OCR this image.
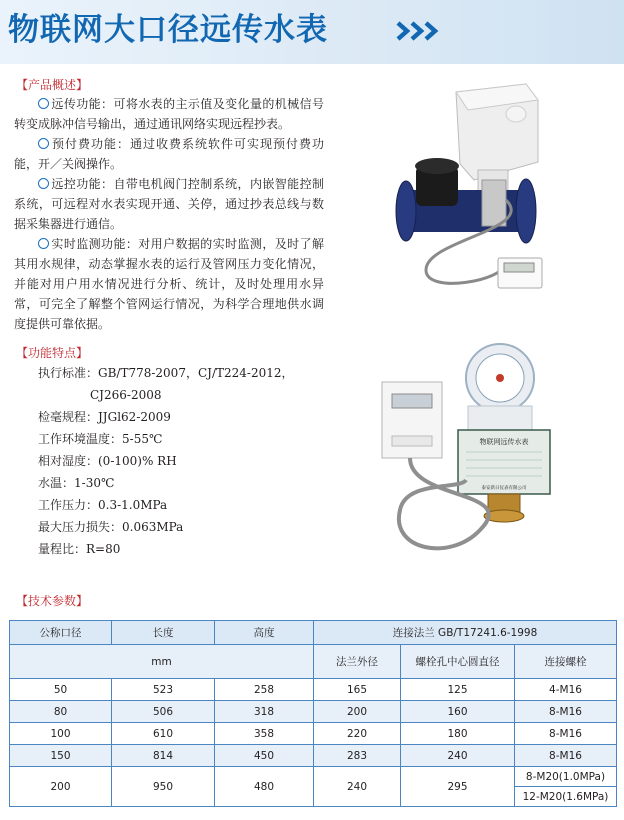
物联网大口径远传水表
【产品概述】

远传功能：可将水表的主示值及变化量的机械信号转变成脉冲信号输出，通过通讯网络实现远程抄表。

预付费功能：通过收费系统软件可实现预付费功能，开／关阀操作。

远控功能：自带电机阀门控制系统，内嵌智能控制系统，可远程对水表实现开通、关停，通过抄表总线与数据采集器进行通信。

实时监测功能：对用户数据的实时监测，及时了解其用水规律，动态掌握水表的运行及管网压力变化情况，并能对用户用水情况进行分析、统计，及时处理用水异常，可完全了解整个管网运行情况，为科学合理地供水调度提供可靠依据。

【功能特点】
执行标准：GB/T778-2007，CJ/T224-2012，
CJ266-2008
检毫规程：JJGl62-2009
工作环境温度：5-55℃
相对湿度：(0-100)% RH
水温：1-30℃
工作压力：0.3-1.0MPa
最大压力损失：0.063MPa
量程比：R=80
物联网远传水表
泰安新日仪表有限公司
【技术参数】
公称口径	长度	高度	连接法兰 GB/T17241.6-1998		
mm			法兰外径	螺栓孔中心圆直径	连接螺栓
50	523	258	165	125	4-M16
80	506	318	200	160	8-M16
100	610	358	220	180	8-M16
150	814	450	283	240	8-M16
200	950	480	240	295	8-M20(1.0MPa)
					12-M20(1.6MPa)
